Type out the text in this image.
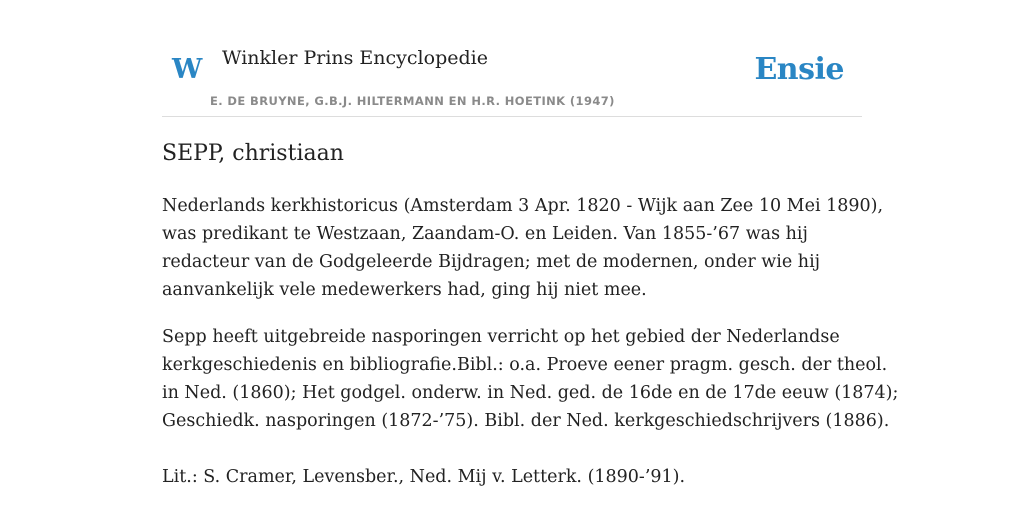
W Winkler Prins Encyclopedie
E. DE BRUYNE, G.B.J. HILTERMANN EN H.R. HOETINK (1947)
Ensie
SEPP, christiaan

Nederlands kerkhistoricus (Amsterdam 3 Apr. 1820 - Wijk aan Zee 10 Mei 1890),
was predikant te Westzaan, Zaandam-O. en Leiden. Van 1855-’67 was hij
redacteur van de Godgeleerde Bijdragen; met de modernen, onder wie hij
aanvankelijk vele medewerkers had, ging hij niet mee.

Sepp heeft uitgebreide nasporingen verricht op het gebied der Nederlandse
kerkgeschiedenis en bibliografie.Bibl.: o.a. Proeve eener pragm. gesch. der theol.
in Ned. (1860); Het godgel. onderw. in Ned. ged. de 16de en de 17de eeuw (1874);
Geschiedk. nasporingen (1872-’75). Bibl. der Ned. kerkgeschiedschrijvers (1886).

Lit.: S. Cramer, Levensber., Ned. Mij v. Letterk. (1890-’91).
